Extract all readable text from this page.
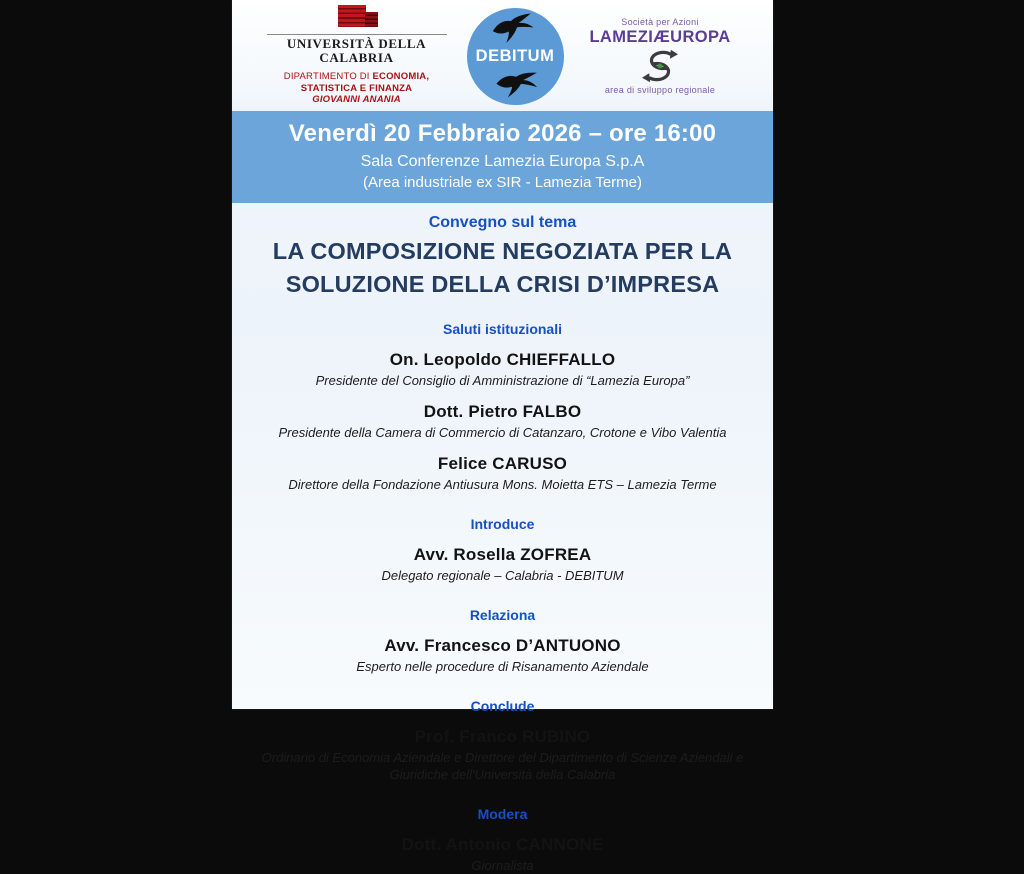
UNIVERSITÀ DELLA
CALABRIA
DIPARTIMENTO DI ECONOMIA,
STATISTICA E FINANZA
GIOVANNI ANANIA
DEBITUM
Società per Azioni
LAMEZIÆUROPA
area di sviluppo regionale
Venerdì 20 Febbraio 2026 – ore 16:00
Sala Conferenze Lamezia Europa S.p.A
(Area industriale ex SIR - Lamezia Terme)
Convegno sul tema
LA COMPOSIZIONE NEGOZIATA PER LA
SOLUZIONE DELLA CRISI D’IMPRESA
Saluti istituzionali
On. Leopoldo CHIEFFALLO
Presidente del Consiglio di Amministrazione di “Lamezia Europa”
Dott. Pietro FALBO
Presidente della Camera di Commercio di Catanzaro, Crotone e Vibo Valentia
Felice CARUSO
Direttore della Fondazione Antiusura Mons. Moietta ETS – Lamezia Terme
Introduce
Avv. Rosella ZOFREA
Delegato regionale – Calabria - DEBITUM
Relaziona
Avv. Francesco D’ANTUONO
Esperto nelle procedure di Risanamento Aziendale
Conclude
Prof. Franco RUBINO
Ordinario di Economia Aziendale e Direttore del Dipartimento di Scienze Aziendali e Giuridiche dell'Università della Calabria
Modera
Dott. Antonio CANNONE
Giornalista
